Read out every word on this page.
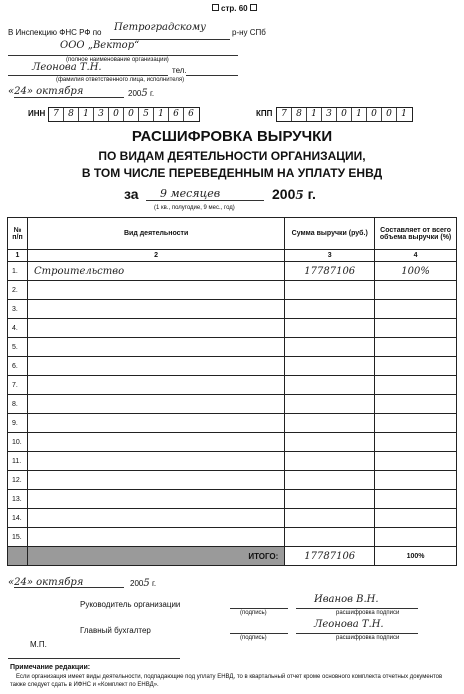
стр. 60
В Инспекцию ФНС РФ по Петроградскому	р-ну СПб
ООО „Вектор“
(полное наименование организации)
Леонова Т.Н.	тел.
(фамилия ответственного лица, исполнителя)
«24» октября	2005 г.
ИНН 7	8	1	3	0	0	5	1	6	6	КПП 7	8	1	3	0	1	0	0	1
РАСШИФРОВКА ВЫРУЧКИ
ПО ВИДАМ ДЕЯТЕЛЬНОСТИ ОРГАНИЗАЦИИ,
В ТОМ ЧИСЛЕ ПЕРЕВЕДЕННЫМ НА УПЛАТУ ЕНВД
за 9 месяцев	2005 г.
(1 кв., полугодие, 9 мес., год)
№
п/п	Вид деятельности	Сумма выручки (руб.)	Составляет от всего объема выручки (%)
1	2	3	4
1.	Строительство	17787106	100%
2.			
3.			
4.			
5.			
6.			
7.			
8.			
9.			
10.			
11.			
12.			
13.			
14.			
15.			
	ИТОГО:	17787106	100%
«24» октября	2005 г.
Руководитель организации
(подпись)
Иванов В.Н.
расшифровка подписи
Главный бухгалтер
(подпись)
Леонова Т.Н.
расшифровка подписи
М.П.
Примечание редакции:
Если организация имеет виды деятельности, подпадающие под уплату ЕНВД, то в квартальный отчет кроме основного комплекта отчетных документов также следует сдать в ИФНС и «Комплект по ЕНВД».
